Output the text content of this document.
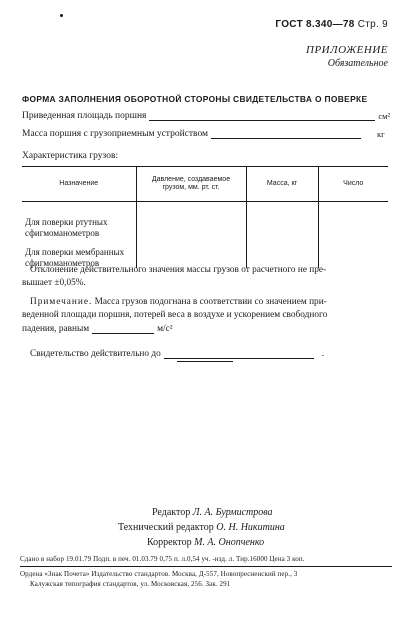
ГОСТ 8.340—78 Стр. 9
ПРИЛОЖЕНИЕ
Обязательное
ФОРМА ЗАПОЛНЕНИЯ ОБОРОТНОЙ СТОРОНЫ СВИДЕТЕЛЬСТВА О ПОВЕРКЕ
Приведенная площадь поршня	см²
Масса поршня с грузоприемным устройством	кг
Характеристика грузов:
Назначение	Давление, создаваемое грузом, мм. рт. ст.	Масса, кг	Число
Для поверки ртутных сфигмоманометров			
Для поверки мембранных сфигмоманометров			
Отклонение действительного значения массы грузов от расчетного не пре-
вышает ±0,05%.
Примечание. Масса грузов подогнана в соответствии со значением при-
веденной площади поршня, потерей веса в воздухе и ускорением свободного
падения, равным	м/с²
Свидетельство действительно до	.
Редактор Л. А. Бурмистрова
Технический редактор О. Н. Никитина
Корректор М. А. Онопченко
Сдано в набор 19.01.79 Подп. в печ. 01.03.79 0,75 п. л.0,54 уч. -изд. л. Тир.16000 Цена 3 коп.
Ордена «Знак Почета» Издательство стандартов. Москва, Д-557, Новопресненский пер., 3
Калужская типография стандартов, ул. Московская, 256. Зак. 291
